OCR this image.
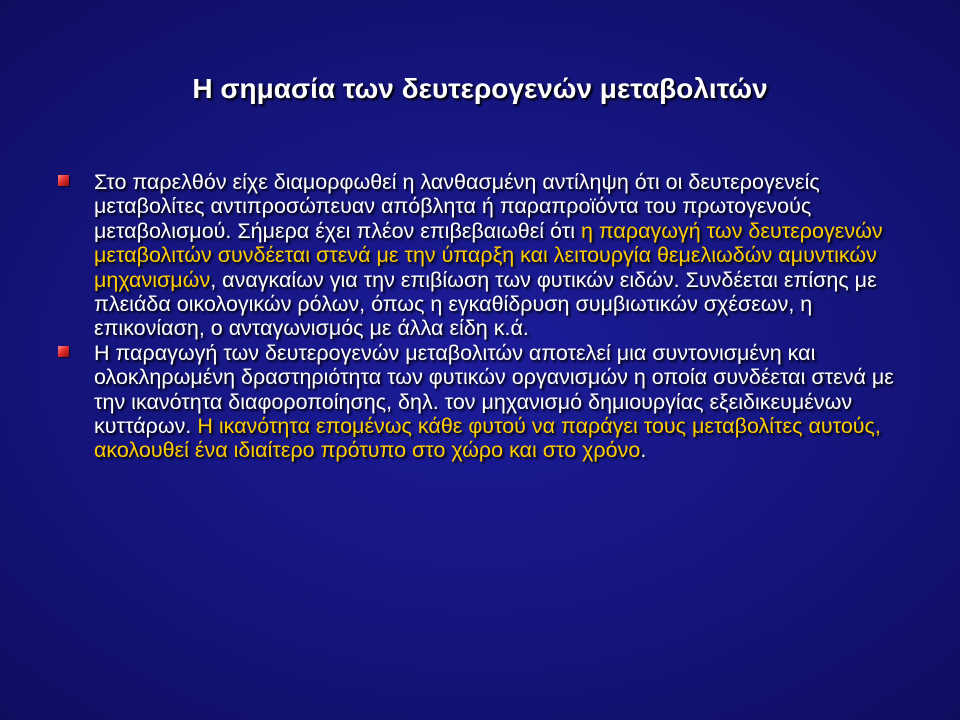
Η σημασία των δευτερογενών μεταβολιτών
Στο παρελθόν είχε διαμορφωθεί η λανθασμένη αντίληψη ότι οι δευτερογενείς μεταβολίτες αντιπροσώπευαν απόβλητα ή παραπροϊόντα του πρωτογενούς μεταβολισμού. Σήμερα έχει πλέον επιβεβαιωθεί ότι η παραγωγή των δευτερογενών μεταβολιτών συνδέεται στενά με την ύπαρξη και λειτουργία θεμελιωδών αμυντικών μηχανισμών, αναγκαίων για την επιβίωση των φυτικών ειδών. Συνδέεται επίσης με πλειάδα οικολογικών ρόλων, όπως η εγκαθίδρυση συμβιωτικών σχέσεων, η επικονίαση, ο ανταγωνισμός με άλλα είδη κ.ά.
Η παραγωγή των δευτερογενών μεταβολιτών αποτελεί μια συντονισμένη και ολοκληρωμένη δραστηριότητα των φυτικών οργανισμών η οποία συνδέεται στενά με την ικανότητα διαφοροποίησης, δηλ. τον μηχανισμό δημιουργίας εξειδικευμένων κυττάρων. Η ικανότητα επομένως κάθε φυτού να παράγει τους μεταβολίτες αυτούς, ακολουθεί ένα ιδιαίτερο πρότυπο στο χώρο και στο χρόνο.
